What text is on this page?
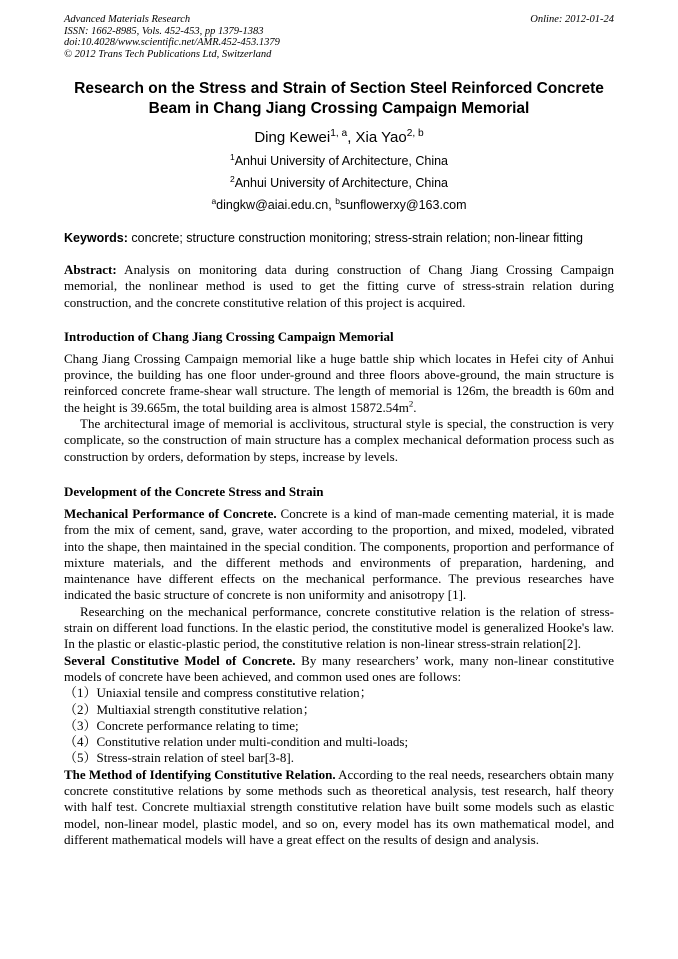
Advanced Materials Research
ISSN: 1662-8985, Vols. 452-453, pp 1379-1383
doi:10.4028/www.scientific.net/AMR.452-453.1379
© 2012 Trans Tech Publications Ltd, Switzerland
Online: 2012-01-24
Research on the Stress and Strain of Section Steel Reinforced Concrete
Beam in Chang Jiang Crossing Campaign Memorial
Ding Kewei$^{1, a}$, Xia Yao$^{2, b}$
$^1$Anhui University of Architecture, China
$^2$Anhui University of Architecture, China
$^a$dingkw@aiai.edu.cn, $^b$sunflowerxy@163.com
Keywords: concrete; structure construction monitoring; stress-strain relation; non-linear fitting
Abstract: Analysis on monitoring data during construction of Chang Jiang Crossing Campaign memorial, the nonlinear method is used to get the fitting curve of stress-strain relation during construction, and the concrete constitutive relation of this project is acquired.
Introduction of Chang Jiang Crossing Campaign Memorial

Chang Jiang Crossing Campaign memorial like a huge battle ship which locates in Hefei city of Anhui province, the building has one floor under-ground and three floors above-ground, the main structure is reinforced concrete frame-shear wall structure. The length of memorial is 126m, the breadth is 60m and the height is 39.665m, the total building area is almost $15872.54m^2$.

The architectural image of memorial is acclivitous, structural style is special, the construction is very complicate, so the construction of main structure has a complex mechanical deformation process such as construction by orders, deformation by steps, increase by levels.

Development of the Concrete Stress and Strain

Mechanical Performance of Concrete. Concrete is a kind of man-made cementing material, it is made from the mix of cement, sand, grave, water according to the proportion, and mixed, modeled, vibrated into the shape, then maintained in the special condition. The components, proportion and performance of mixture materials, and the different methods and environments of preparation, hardening, and maintenance have different effects on the mechanical performance. The previous researches have indicated the basic structure of concrete is non uniformity and anisotropy [1].

Researching on the mechanical performance, concrete constitutive relation is the relation of stress-strain on different load functions. In the elastic period, the constitutive model is generalized Hooke's law. In the plastic or elastic-plastic period, the constitutive relation is non-linear stress-strain relation[2].

Several Constitutive Model of Concrete. By many researchers’ work, many non-linear constitutive models of concrete have been achieved, and common used ones are follows:

（1）Uniaxial tensile and compress constitutive relation；

（2）Multiaxial strength constitutive relation；

（3）Concrete performance relating to time;

（4）Constitutive relation under multi-condition and multi-loads;

（5）Stress-strain relation of steel bar[3-8].

The Method of Identifying Constitutive Relation. According to the real needs, researchers obtain many concrete constitutive relations by some methods such as theoretical analysis, test research, half theory with half test. Concrete multiaxial strength constitutive relation have built some models such as elastic model, non-linear model, plastic model, and so on, every model has its own mathematical model, and different mathematical models will have a great effect on the results of design and analysis.
